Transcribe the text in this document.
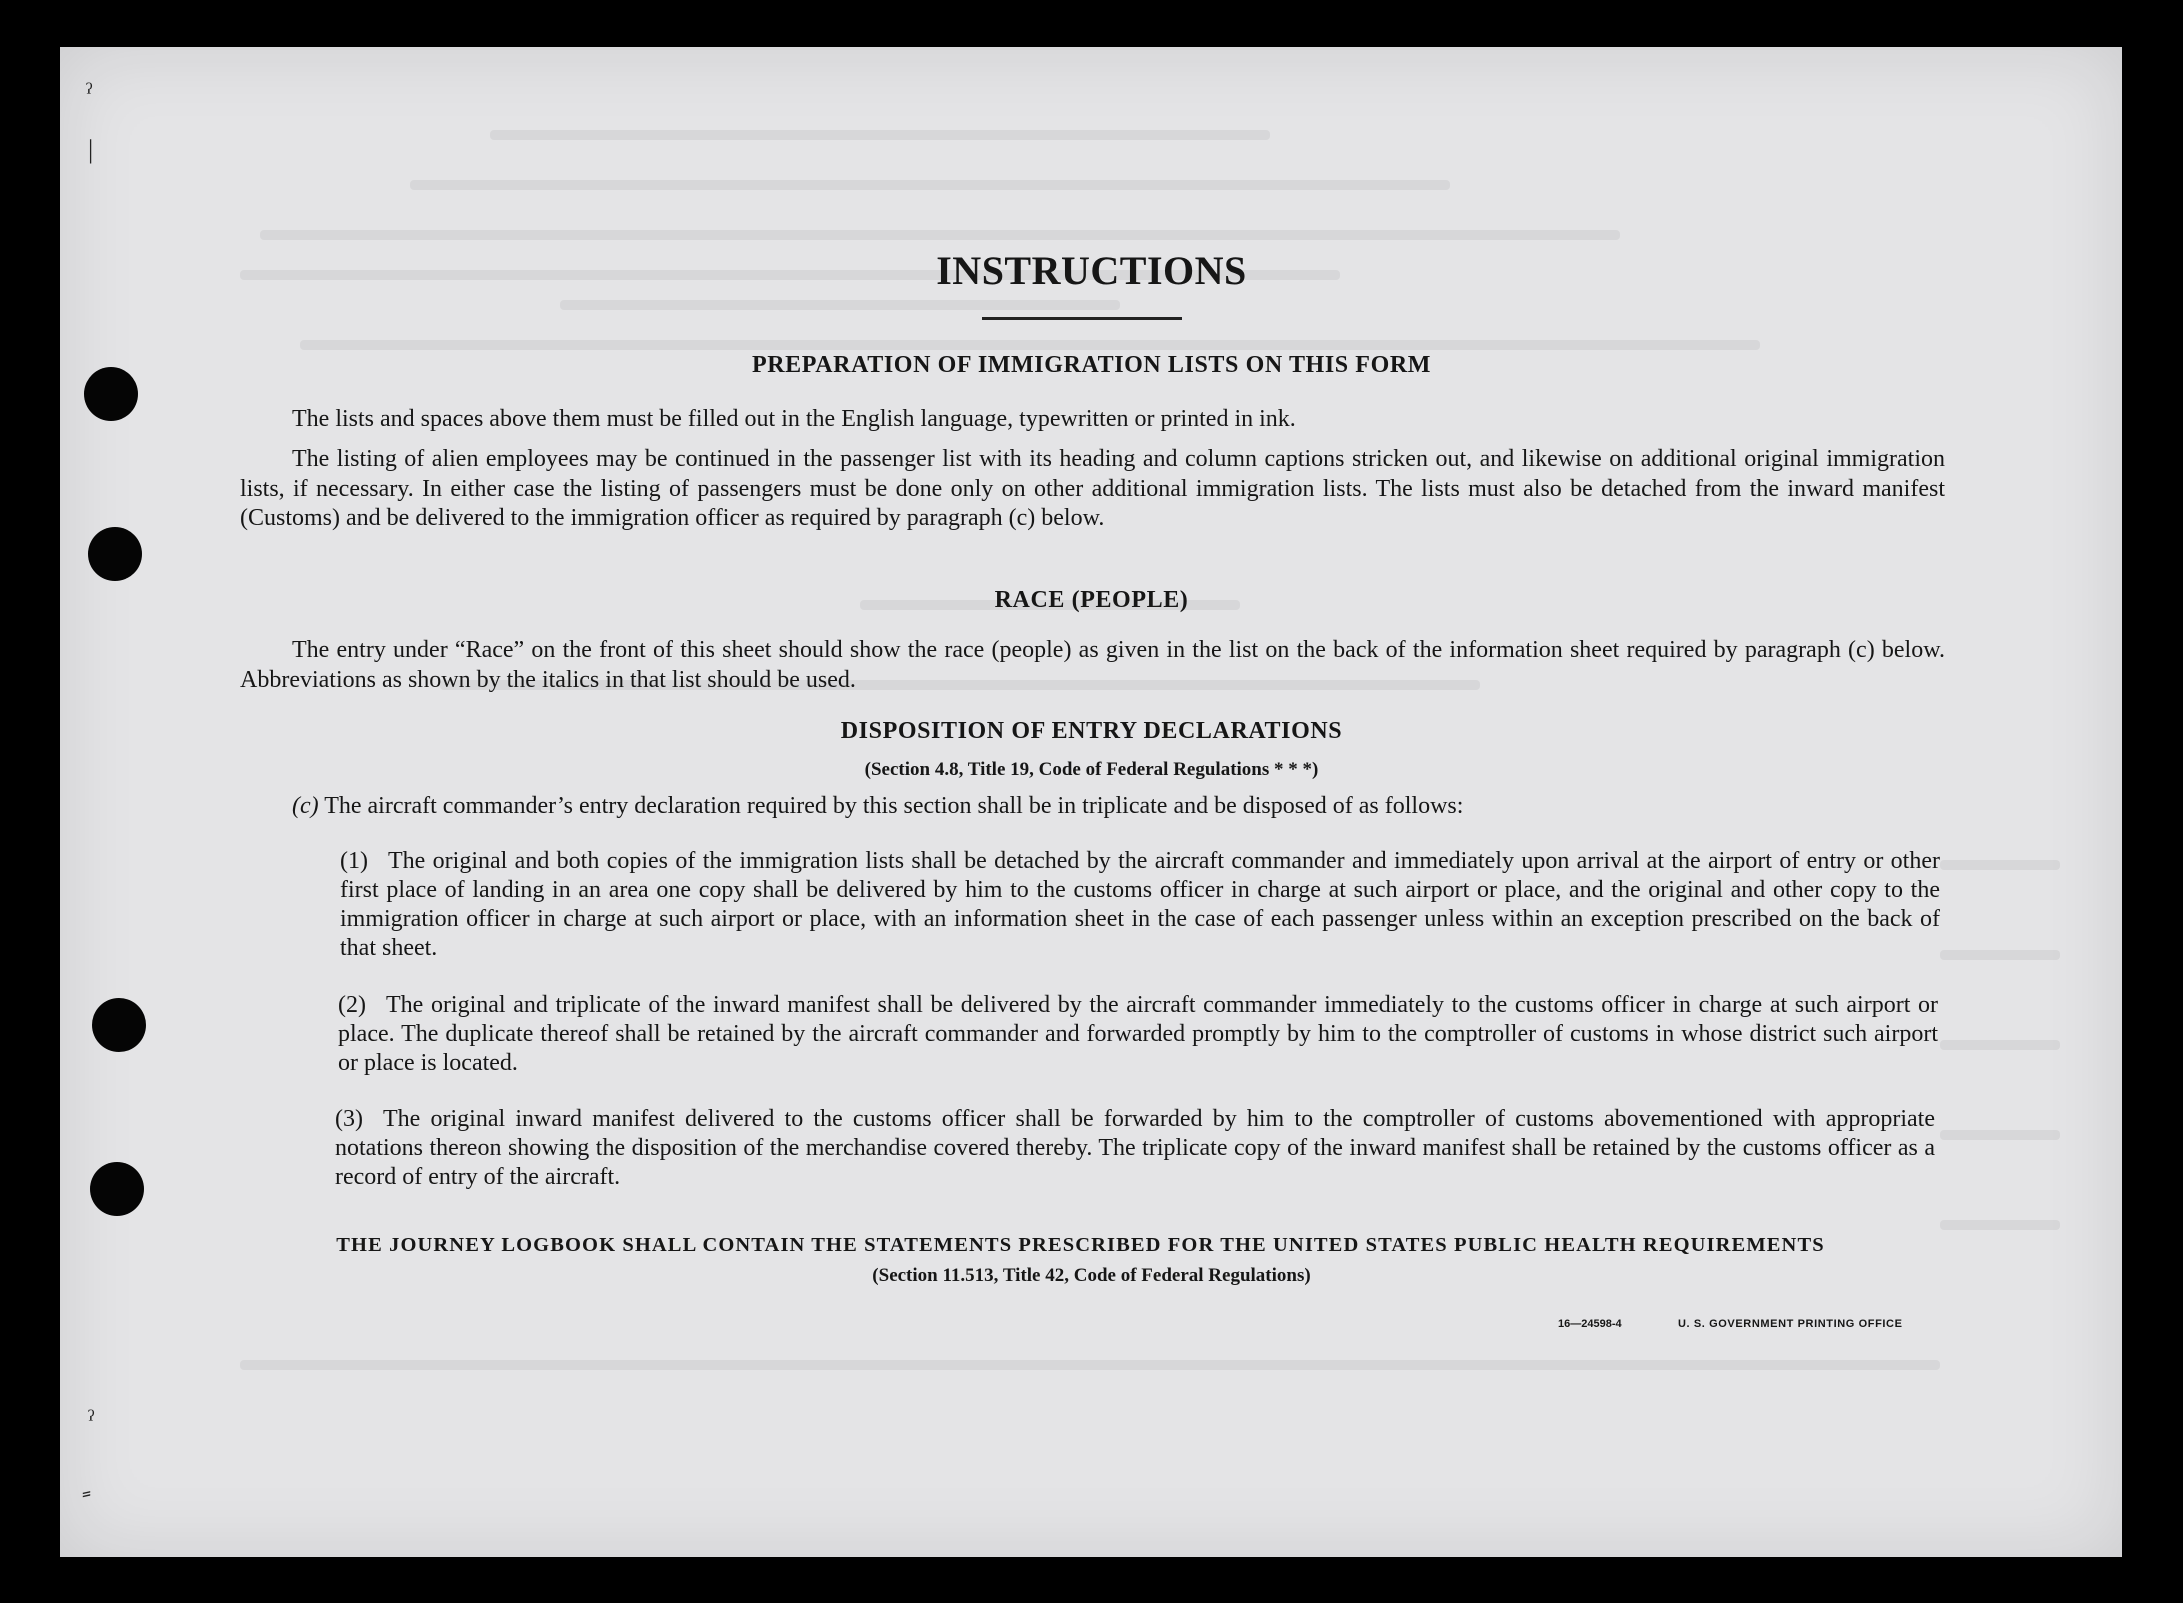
ˀ
|
ˀ
INSTRUCTIONS
PREPARATION OF IMMIGRATION LISTS ON THIS FORM
The lists and spaces above them must be filled out in the English language, typewritten or printed in ink.
The listing of alien employees may be continued in the passenger list with its heading and column captions stricken out, and likewise on additional original immigration lists, if necessary. In either case the listing of passengers must be done only on other additional immigration lists. The lists must also be detached from the inward manifest (Customs) and be delivered to the immigration officer as required by paragraph (c) below.
RACE (PEOPLE)
The entry under “Race” on the front of this sheet should show the race (people) as given in the list on the back of the information sheet required by paragraph (c) below. Abbreviations as shown by the italics in that list should be used.
DISPOSITION OF ENTRY DECLARATIONS
(Section 4.8, Title 19, Code of Federal Regulations * * *)
(c) The aircraft commander’s entry declaration required by this section shall be in triplicate and be disposed of as follows:
(1) The original and both copies of the immigration lists shall be detached by the aircraft commander and immediately upon arrival at the airport of entry or other first place of landing in an area one copy shall be delivered by him to the customs officer in charge at such airport or place, and the original and other copy to the immigration officer in charge at such airport or place, with an information sheet in the case of each passenger unless within an exception prescribed on the back of that sheet.
(2) The original and triplicate of the inward manifest shall be delivered by the aircraft commander immediately to the customs officer in charge at such airport or place. The duplicate thereof shall be retained by the aircraft commander and forwarded promptly by him to the comptroller of customs in whose district such airport or place is located.
(3) The original inward manifest delivered to the customs officer shall be forwarded by him to the comptroller of customs abovementioned with appropriate notations thereon showing the disposition of the merchandise covered thereby. The triplicate copy of the inward manifest shall be retained by the customs officer as a record of entry of the aircraft.
THE JOURNEY LOGBOOK SHALL CONTAIN THE STATEMENTS PRESCRIBED FOR THE UNITED STATES PUBLIC HEALTH REQUIREMENTS
(Section 11.513, Title 42, Code of Federal Regulations)
16—24598-4	U. S. GOVERNMENT PRINTING OFFICE
